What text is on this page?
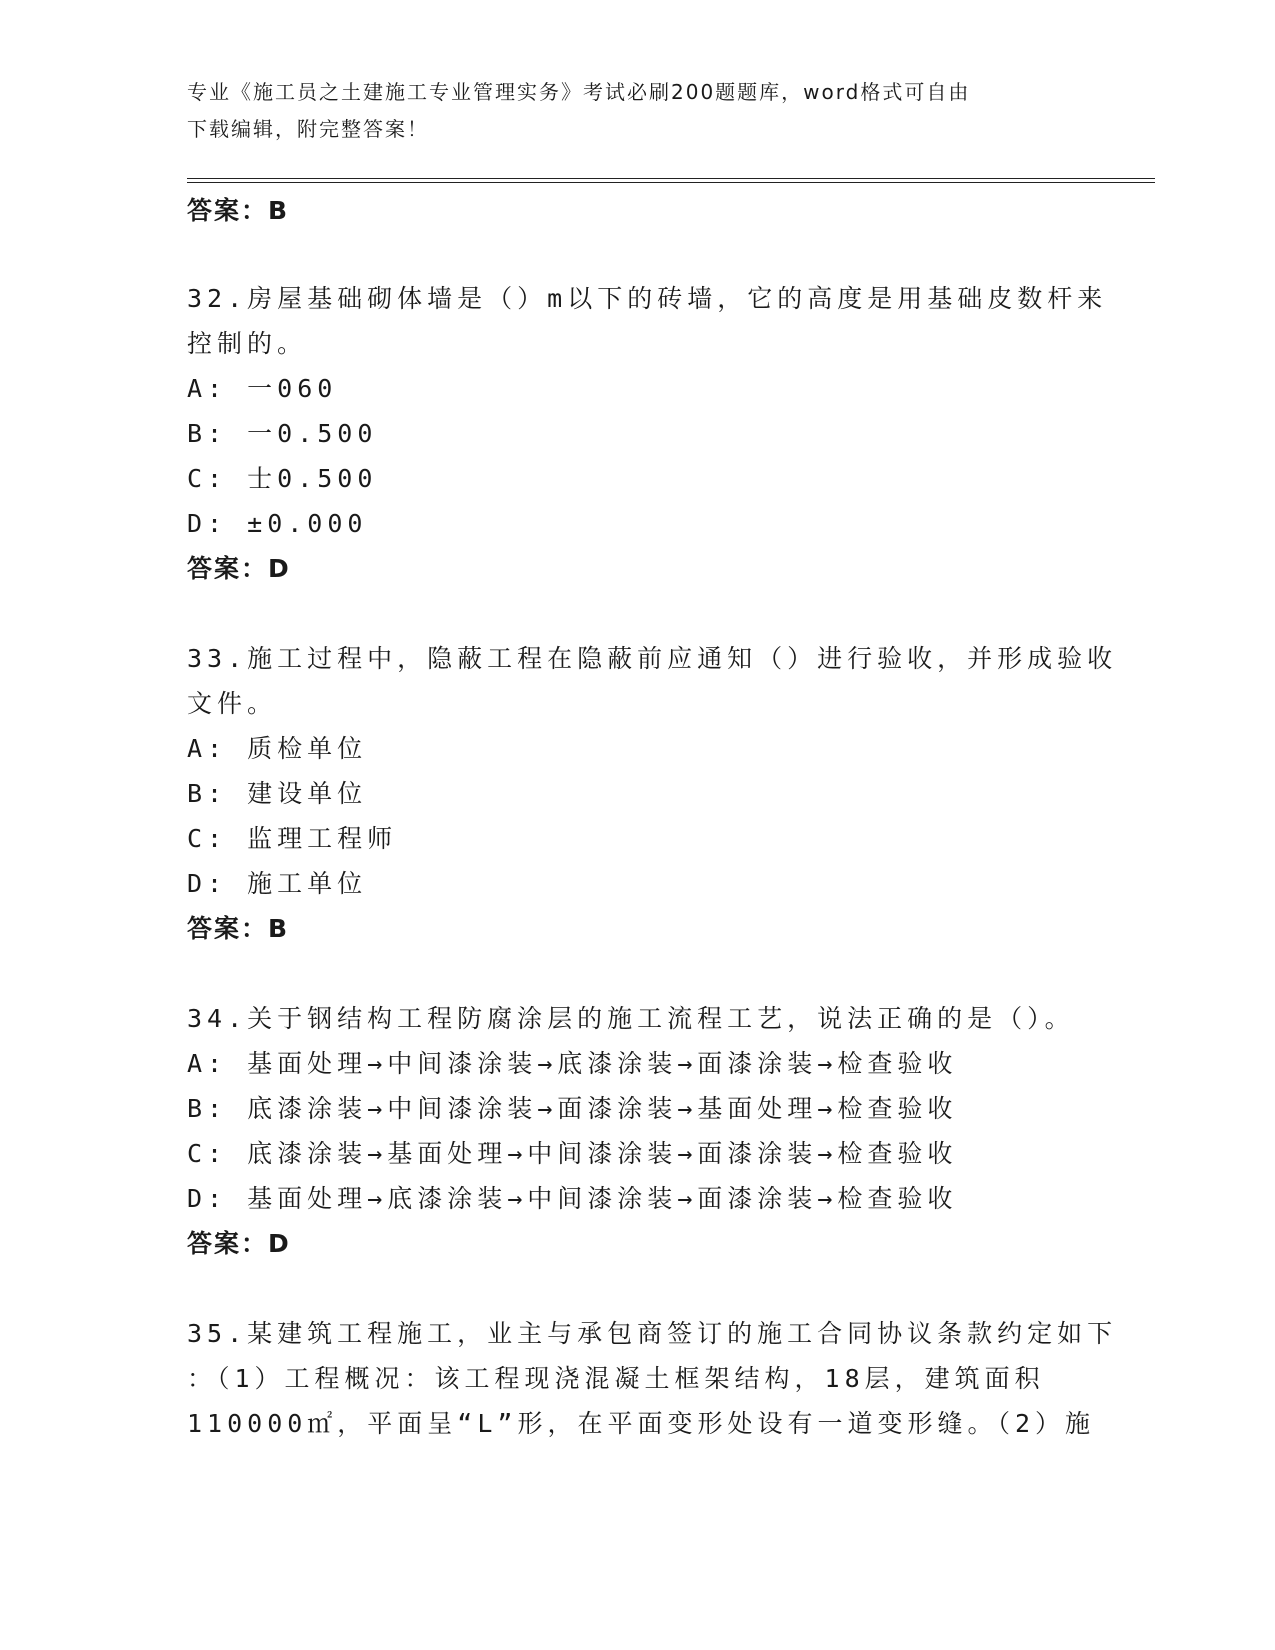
专业《施工员之土建施工专业管理实务》考试必刷200题题库，word格式可自由
下载编辑，附完整答案！
答案：B
32.房屋基础砌体墙是（）m以下的砖墙，它的高度是用基础皮数杆来
控制的。
A: 一060
B: 一0.500
C: 士0.500
D: ±0.000
答案：D
33.施工过程中，隐蔽工程在隐蔽前应通知（）进行验收，并形成验收
文件。
A: 质检单位
B: 建设单位
C: 监理工程师
D: 施工单位
答案：B
34.关于钢结构工程防腐涂层的施工流程工艺，说法正确的是（）。
A: 基面处理→中间漆涂装→底漆涂装→面漆涂装→检查验收
B: 底漆涂装→中间漆涂装→面漆涂装→基面处理→检查验收
C: 底漆涂装→基面处理→中间漆涂装→面漆涂装→检查验收
D: 基面处理→底漆涂装→中间漆涂装→面漆涂装→检查验收
答案：D
35.某建筑工程施工，业主与承包商签订的施工合同协议条款约定如下
：（1）工程概况：该工程现浇混凝土框架结构，18层，建筑面积
110000㎡，平面呈“L”形，在平面变形处设有一道变形缝。（2）施
